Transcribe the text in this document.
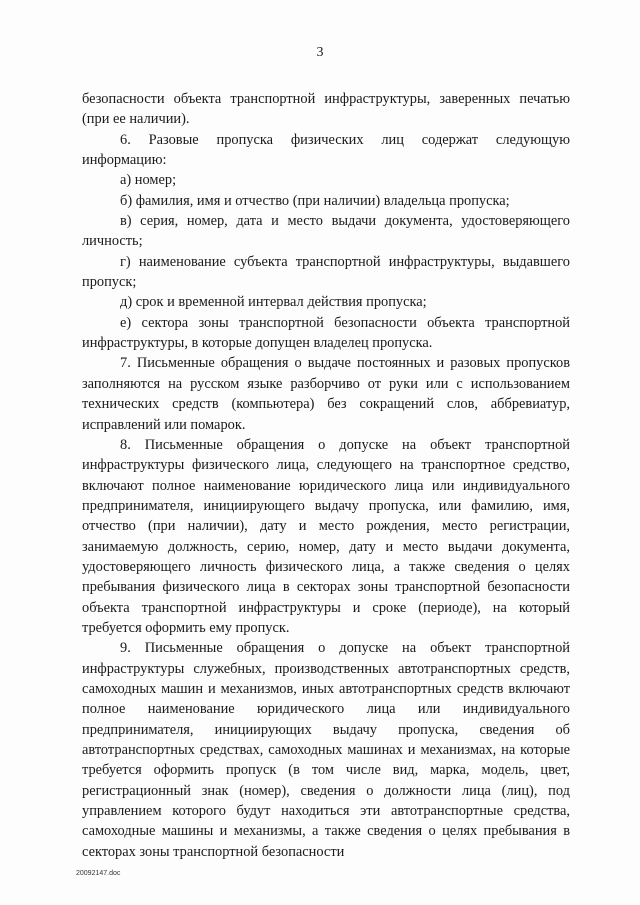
3

безопасности объекта транспортной инфраструктуры, заверенных печатью (при ее наличии).

6. Разовые пропуска физических лиц содержат следующую информацию:

а) номер;

б) фамилия, имя и отчество (при наличии) владельца пропуска;

в) серия, номер, дата и место выдачи документа, удостоверяющего личность;

г) наименование субъекта транспортной инфраструктуры, выдавшего пропуск;

д) срок и временной интервал действия пропуска;

е) сектора зоны транспортной безопасности объекта транспортной инфраструктуры, в которые допущен владелец пропуска.

7. Письменные обращения о выдаче постоянных и разовых пропусков заполняются на русском языке разборчиво от руки или с использованием технических средств (компьютера) без сокращений слов, аббревиатур, исправлений или помарок.

8. Письменные обращения о допуске на объект транспортной инфраструктуры физического лица, следующего на транспортное средство, включают полное наименование юридического лица или индивидуального предпринимателя, инициирующего выдачу пропуска, или фамилию, имя, отчество (при наличии), дату и место рождения, место регистрации, занимаемую должность, серию, номер, дату и место выдачи документа, удостоверяющего личность физического лица, а также сведения о целях пребывания физического лица в секторах зоны транспортной безопасности объекта транспортной инфраструктуры и сроке (периоде), на который требуется оформить ему пропуск.

9. Письменные обращения о допуске на объект транспортной инфраструктуры служебных, производственных автотранспортных средств, самоходных машин и механизмов, иных автотранспортных средств включают полное наименование юридического лица или индивидуального предпринимателя, инициирующих выдачу пропуска, сведения об автотранспортных средствах, самоходных машинах и механизмах, на которые требуется оформить пропуск (в том числе вид, марка, модель, цвет, регистрационный знак (номер), сведения о должности лица (лиц), под управлением которого будут находиться эти автотранспортные средства, самоходные машины и механизмы, а также сведения о целях пребывания в секторах зоны транспортной безопасности

20092147.doc
